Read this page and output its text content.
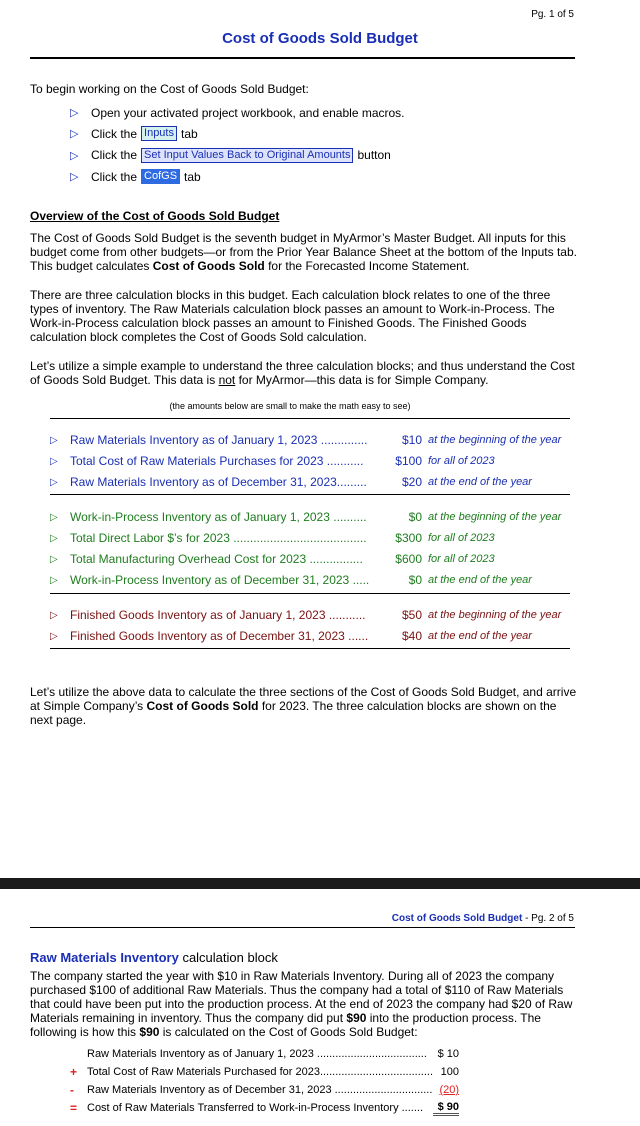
Pg. 1 of 5
Cost of Goods Sold Budget
To begin working on the Cost of Goods Sold Budget:
▷	Open your activated project workbook, and enable macros.
▷	Click the Inputs tab
▷	Click the Set Input Values Back to Original Amounts button
▷	Click the CofGS tab
Overview of the Cost of Goods Sold Budget
The Cost of Goods Sold Budget is the seventh budget in MyArmor’s Master Budget. All inputs for this budget come from other budgets—or from the Prior Year Balance Sheet at the bottom of the Inputs tab. This budget calculates Cost of Goods Sold for the Forecasted Income Statement.
There are three calculation blocks in this budget. Each calculation block relates to one of the three types of inventory. The Raw Materials calculation block passes an amount to Work-in-Process. The Work-in-Process calculation block passes an amount to Finished Goods. The Finished Goods calculation block completes the Cost of Goods Sold calculation.
Let’s utilize a simple example to understand the three calculation blocks; and thus understand the Cost of Goods Sold Budget. This data is not for MyArmor—this data is for Simple Company.
(the amounts below are small to make the math easy to see)
▷	Raw Materials Inventory as of January 1, 2023 ..............	$10 at the beginning of the year
▷	Total Cost of Raw Materials Purchases for 2023 ...........	$100 for all of 2023
▷	Raw Materials Inventory as of December 31, 2023.........	$20 at the end of the year
▷	Work-in-Process Inventory as of January 1, 2023 ..........	$0 at the beginning of the year
▷	Total Direct Labor $’s for 2023 ........................................	$300 for all of 2023
▷	Total Manufacturing Overhead Cost for 2023 ................	$600 for all of 2023
▷	Work-in-Process Inventory as of December 31, 2023 .....	$0 at the end of the year
▷	Finished Goods Inventory as of January 1, 2023 ...........	$50 at the beginning of the year
▷	Finished Goods Inventory as of December 31, 2023 ......	$40 at the end of the year
Let’s utilize the above data to calculate the three sections of the Cost of Goods Sold Budget, and arrive at Simple Company’s Cost of Goods Sold for 2023. The three calculation blocks are shown on the next page.
Cost of Goods Sold Budget - Pg. 2 of 5
Raw Materials Inventory calculation block
The company started the year with $10 in Raw Materials Inventory. During all of 2023 the company purchased $100 of additional Raw Materials. Thus the company had a total of $110 of Raw Materials that could have been put into the production process. At the end of 2023 the company had $20 of Raw Materials remaining in inventory. Thus the company did put $90 into the production process. The following is how this $90 is calculated on the Cost of Goods Sold Budget:
Raw Materials Inventory as of January 1, 2023 .................................... $ 10
+ Total Cost of Raw Materials Purchased for 2023..................................... 100
-	Raw Materials Inventory as of December 31, 2023 ................................ (20)
= Cost of Raw Materials Transferred to Work-in-Process Inventory .......	$ 90
